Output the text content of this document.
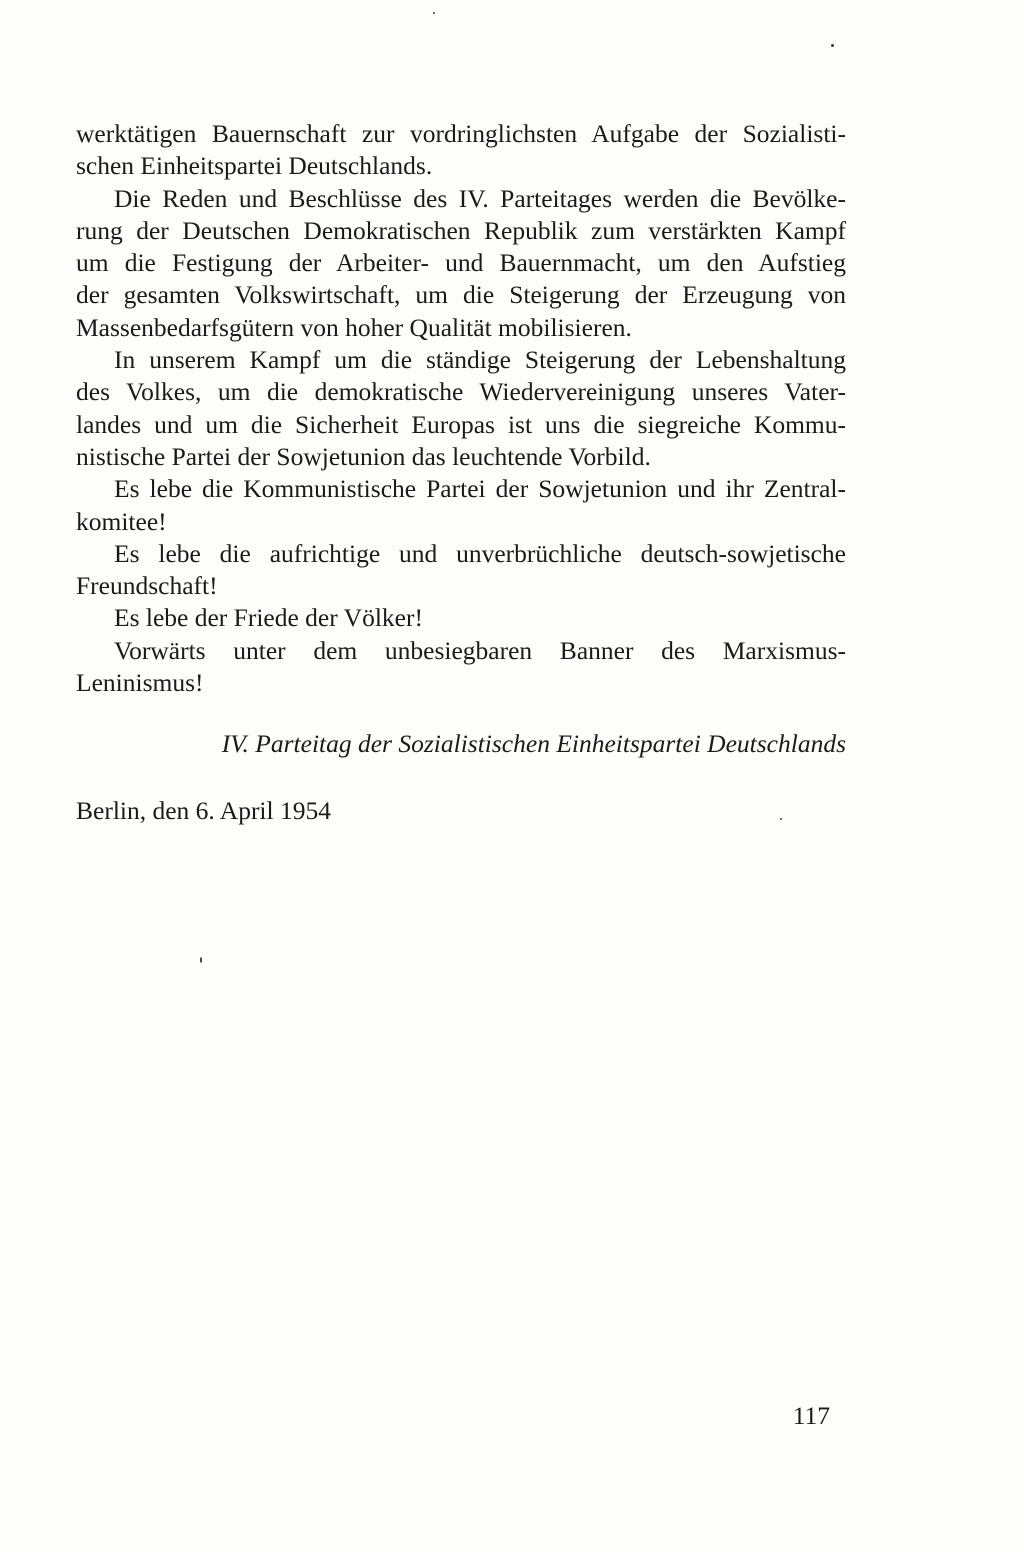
werktätigen Bauernschaft zur vordringlichsten Aufgabe der Sozialisti-
schen Einheitspartei Deutschlands.
Die Reden und Beschlüsse des IV. Parteitages werden die Bevölke-
rung der Deutschen Demokratischen Republik zum verstärkten Kampf
um die Festigung der Arbeiter- und Bauernmacht, um den Aufstieg
der gesamten Volkswirtschaft, um die Steigerung der Erzeugung von
Massenbedarfsgütern von hoher Qualität mobilisieren.
In unserem Kampf um die ständige Steigerung der Lebenshaltung
des Volkes, um die demokratische Wiedervereinigung unseres Vater-
landes und um die Sicherheit Europas ist uns die siegreiche Kommu-
nistische Partei der Sowjetunion das leuchtende Vorbild.
Es lebe die Kommunistische Partei der Sowjetunion und ihr Zentral-
komitee!
Es lebe die aufrichtige und unverbrüchliche deutsch-sowjetische
Freundschaft!
Es lebe der Friede der Völker!
Vorwärts unter dem unbesiegbaren Banner des Marxismus-
Leninismus!
IV. Parteitag der Sozialistischen Einheitspartei Deutschlands
Berlin, den 6. April 1954
117
